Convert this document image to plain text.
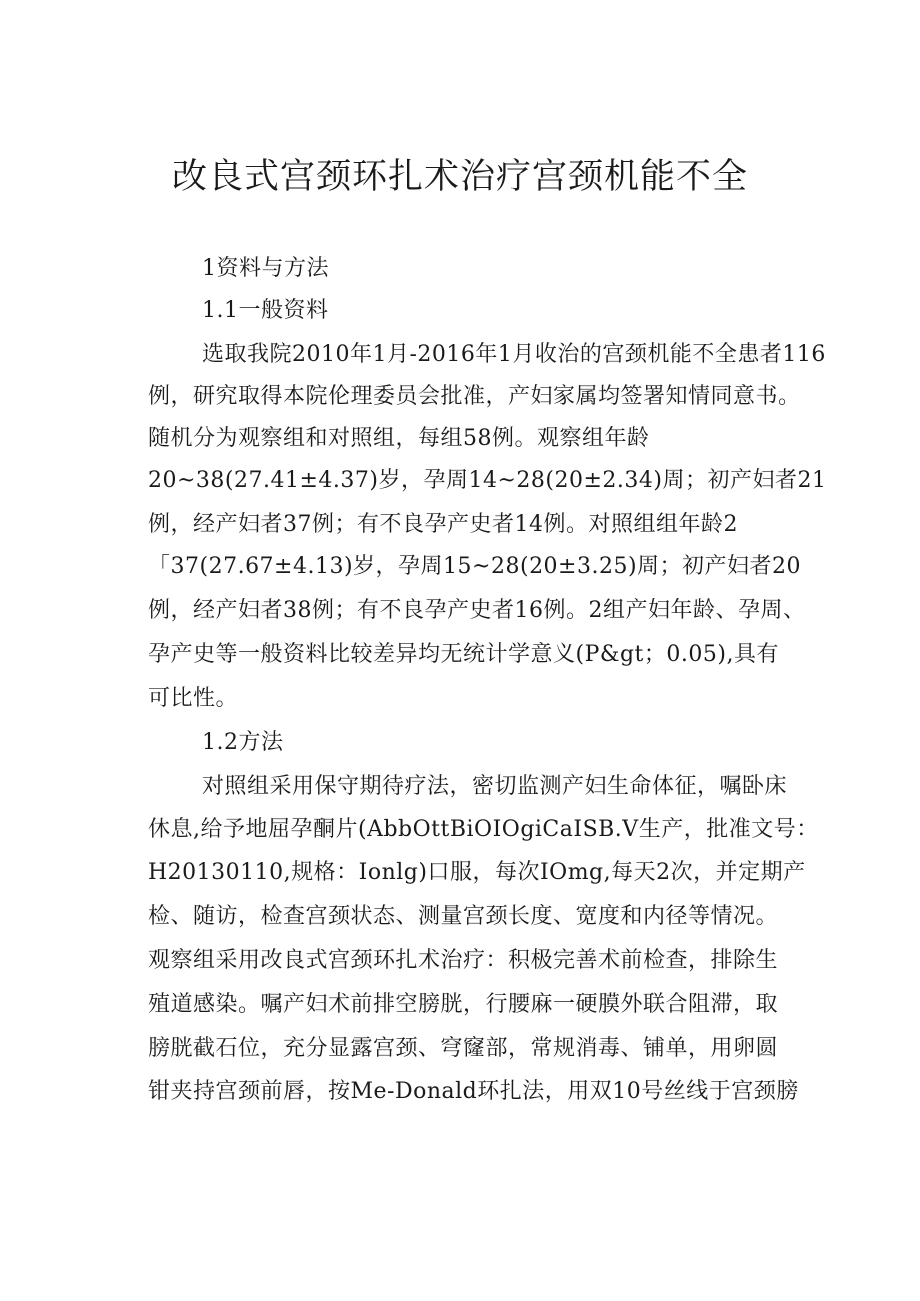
改良式宫颈环扎术治疗宫颈机能不全

1资料与方法

1.1一般资料

选取我院2010年1月-2016年1月收治的宫颈机能不全患者116

例，研究取得本院伦理委员会批准，产妇家属均签署知情同意书。

随机分为观察组和对照组，每组58例。观察组年龄

20~38(27.41±4.37)岁，孕周14~28(20±2.34)周；初产妇者21

例，经产妇者37例；有不良孕产史者14例。对照组组年龄2

「37(27.67±4.13)岁，孕周15~28(20±3.25)周；初产妇者20

例，经产妇者38例；有不良孕产史者16例。2组产妇年龄、孕周、

孕产史等一般资料比较差异均无统计学意义(P&gt；0.05),具有

可比性。

1.2方法

对照组采用保守期待疗法，密切监测产妇生命体征，嘱卧床

休息,给予地屈孕酮片(AbbOttBiOIOgiCaISB.V生产，批准文号：

H20130110,规格：Ionlg)口服，每次IOmg,每天2次，并定期产

检、随访，检查宫颈状态、测量宫颈长度、宽度和内径等情况。

观察组采用改良式宫颈环扎术治疗：积极完善术前检查，排除生

殖道感染。嘱产妇术前排空膀胱，行腰麻一硬膜外联合阻滞，取

膀胱截石位，充分显露宫颈、穹窿部，常规消毒、铺单，用卵圆

钳夹持宫颈前唇，按Me-Donald环扎法，用双10号丝线于宫颈膀
